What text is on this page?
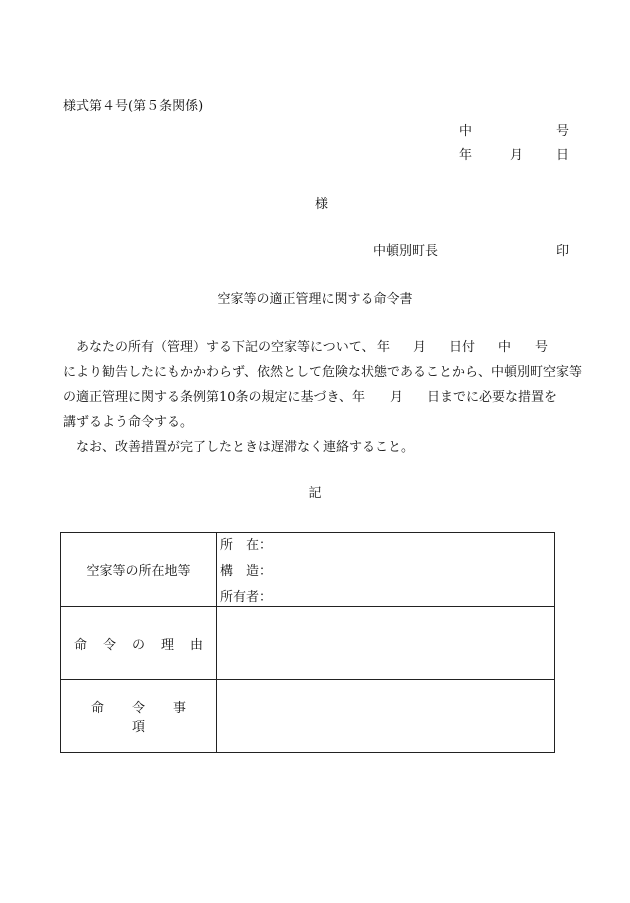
様式第４号(第５条関係)
中	号
年	月	日
様
中頓別町長	印
空家等の適正管理に関する命令書
あなたの所有（管理）する下記の空家等について、 年 月 日付 中 号
により勧告したにもかかわらず、依然として危険な状態であることから、中頓別町空家等
の適正管理に関する条例第10条の規定に基づき、 年 月 日までに必要な措置を
講ずるよう命令する。
なお、改善措置が完了したときは遅滞なく連絡すること。
記
空家等の所在地等	所　在：
構　造：
所有者：

命 令 の 理 由	
命 令 事項	
